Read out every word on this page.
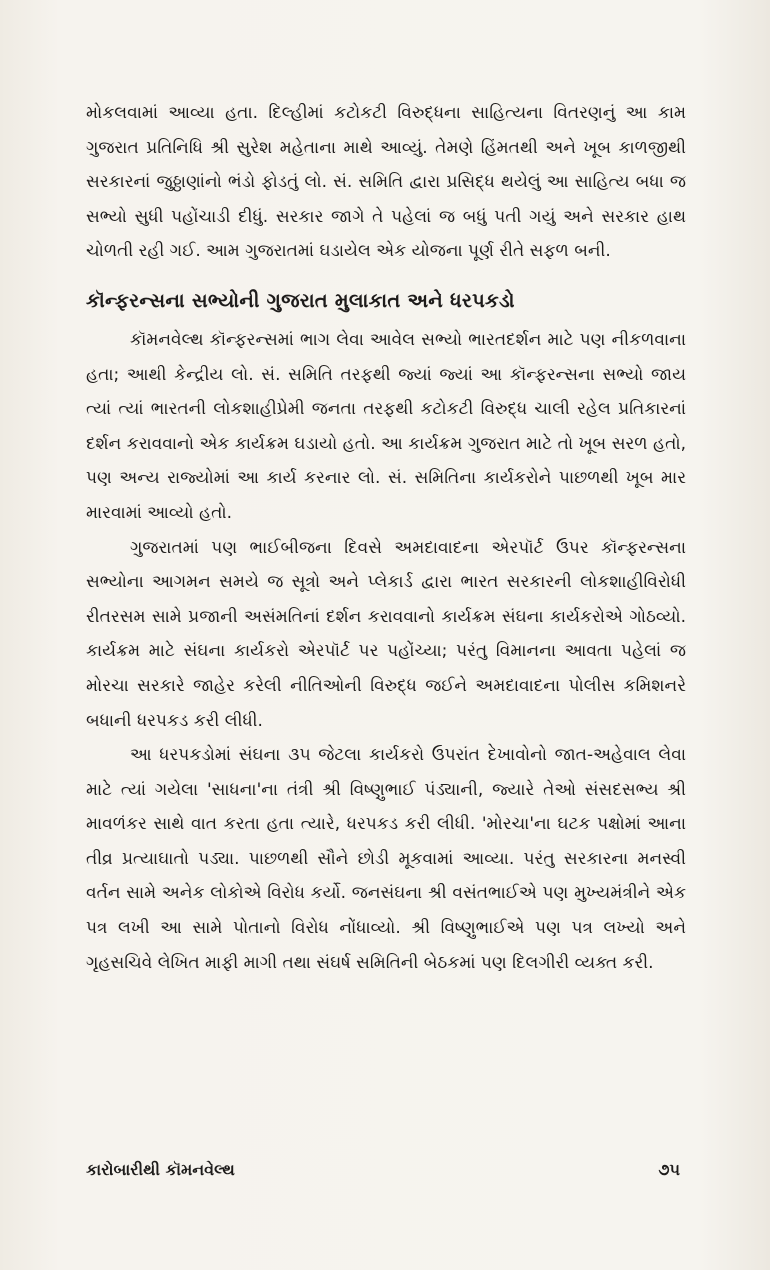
મોકલવામાં આવ્યા હતા. દિલ્હીમાં કટોકટી વિરુદ્ધના સાહિત્યના વિતરણનું આ કામ ગુજરાત પ્રતિનિધિ શ્રી સુરેશ મહેતાના માથે આવ્યું. તેમણે હિંમતથી અને ખૂબ કાળજીથી સરકારનાં જુઠ્ઠાણાંનો ભંડો ફોડતું લો. સં. સમિતિ દ્વારા પ્રસિદ્ધ થયેલું આ સાહિત્ય બધા જ સભ્યો સુધી પહોંચાડી દીધું. સરકાર જાગે તે પહેલાં જ બધું પતી ગયું અને સરકાર હાથ ચોળતી રહી ગઈ. આમ ગુજરાતમાં ઘડાયેલ એક યોજના પૂર્ણ રીતે સફળ બની.

કૉન્ફરન્સના સભ્યોની ગુજરાત મુલાકાત અને ધરપકડો

કૉમનવેલ્થ કૉન્ફરન્સમાં ભાગ લેવા આવેલ સભ્યો ભારતદર્શન માટે પણ નીકળવાના હતા; આથી કેન્દ્રીય લો. સં. સમિતિ તરફથી જ્યાં જ્યાં આ કૉન્ફરન્સના સભ્યો જાય ત્યાં ત્યાં ભારતની લોકશાહીપ્રેમી જનતા તરફથી કટોકટી વિરુદ્ધ ચાલી રહેલ પ્રતિકારનાં દર્શન કરાવવાનો એક કાર્યક્રમ ઘડાયો હતો. આ કાર્યક્રમ ગુજરાત માટે તો ખૂબ સરળ હતો, પણ અન્ય રાજ્યોમાં આ કાર્ય કરનાર લો. સં. સમિતિના કાર્યકરોને પાછળથી ખૂબ માર મારવામાં આવ્યો હતો.

ગુજરાતમાં પણ ભાઈબીજના દિવસે અમદાવાદના એરપૉર્ટ ઉપર કૉન્ફરન્સના સભ્યોના આગમન સમયે જ સૂત્રો અને પ્લેકાર્ડ દ્વારા ભારત સરકારની લોકશાહીવિરોધી રીતરસમ સામે પ્રજાની અસંમતિનાં દર્શન કરાવવાનો કાર્યક્રમ સંઘના કાર્યકરોએ ગોઠવ્યો. કાર્યક્રમ માટે સંઘના કાર્યકરો એરપૉર્ટ પર પહોંચ્યા; પરંતુ વિમાનના આવતા પહેલાં જ મોરચા સરકારે જાહેર કરેલી નીતિઓની વિરુદ્ધ જઈને અમદાવાદના પોલીસ કમિશનરે બધાની ધરપકડ કરી લીધી.

આ ધરપકડોમાં સંઘના ૩૫ જેટલા કાર્યકરો ઉપરાંત દેખાવોનો જાત-અહેવાલ લેવા માટે ત્યાં ગયેલા 'સાધના'ના તંત્રી શ્રી વિષ્ણુભાઈ પંડ્યાની, જ્યારે તેઓ સંસદસભ્ય શ્રી માવળંકર સાથે વાત કરતા હતા ત્યારે, ધરપકડ કરી લીધી. 'મોરચા'ના ઘટક પક્ષોમાં આના તીવ્ર પ્રત્યાઘાતો પડ્યા. પાછળથી સૌને છોડી મૂકવામાં આવ્યા. પરંતુ સરકારના મનસ્વી વર્તન સામે અનેક લોકોએ વિરોધ કર્યો. જનસંઘના શ્રી વસંતભાઈએ પણ મુખ્યમંત્રીને એક પત્ર લખી આ સામે પોતાનો વિરોધ નોંધાવ્યો. શ્રી વિષ્ણુભાઈએ પણ પત્ર લખ્યો અને ગૃહસચિવે લેખિત માફી માગી તથા સંઘર્ષ સમિતિની બેઠકમાં પણ દિલગીરી વ્યક્ત કરી.

કારોબારીથી કૉમનવેલ્થ	૭૫
